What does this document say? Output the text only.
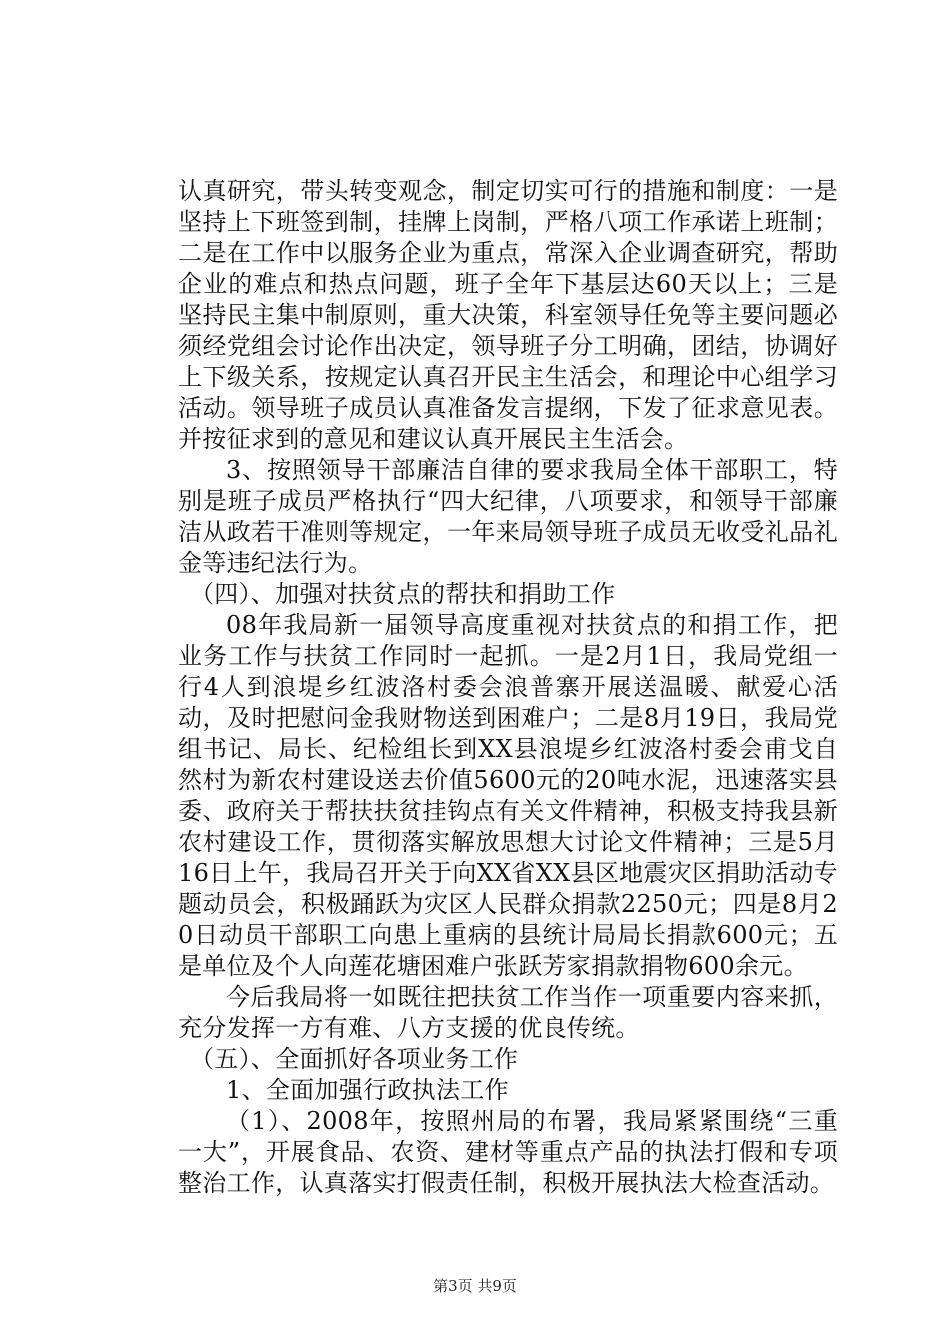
认真研究，带头转变观念，制定切实可行的措施和制度：一是坚持上下班签到制，挂牌上岗制，严格八项工作承诺上班制；二是在工作中以服务企业为重点，常深入企业调查研究，帮助企业的难点和热点问题，班子全年下基层达60天以上；三是坚持民主集中制原则，重大决策，科室领导任免等主要问题必须经党组会讨论作出决定，领导班子分工明确，团结，协调好上下级关系，按规定认真召开民主生活会，和理论中心组学习活动。领导班子成员认真准备发言提纲，下发了征求意见表。并按征求到的意见和建议认真开展民主生活会。

3、按照领导干部廉洁自律的要求我局全体干部职工，特别是班子成员严格执行“四大纪律，八项要求，和领导干部廉洁从政若干准则等规定，一年来局领导班子成员无收受礼品礼金等违纪法行为。

（四）、加强对扶贫点的帮扶和捐助工作

08年我局新一届领导高度重视对扶贫点的和捐工作，把业务工作与扶贫工作同时一起抓。一是2月1日，我局党组一行4人到浪堤乡红波洛村委会浪普寨开展送温暖、献爱心活动，及时把慰问金我财物送到困难户；二是8月19日，我局党组书记、局长、纪检组长到XX县浪堤乡红波洛村委会甫戈自然村为新农村建设送去价值5600元的20吨水泥，迅速落实县委、政府关于帮扶扶贫挂钩点有关文件精神，积极支持我县新农村建设工作，贯彻落实解放思想大讨论文件精神；三是5月16日上午，我局召开关于向XX省XX县区地震灾区捐助活动专题动员会，积极踊跃为灾区人民群众捐款2250元；四是8月20日动员干部职工向患上重病的县统计局局长捐款600元；五是单位及个人向莲花塘困难户张跃芳家捐款捐物600余元。

今后我局将一如既往把扶贫工作当作一项重要内容来抓，充分发挥一方有难、八方支援的优良传统。

（五）、全面抓好各项业务工作

1、全面加强行政执法工作

（1）、2008年，按照州局的布署，我局紧紧围绕“三重一大”，开展食品、农资、建材等重点产品的执法打假和专项整治工作，认真落实打假责任制，积极开展执法大检查活动。

第3页 共9页
